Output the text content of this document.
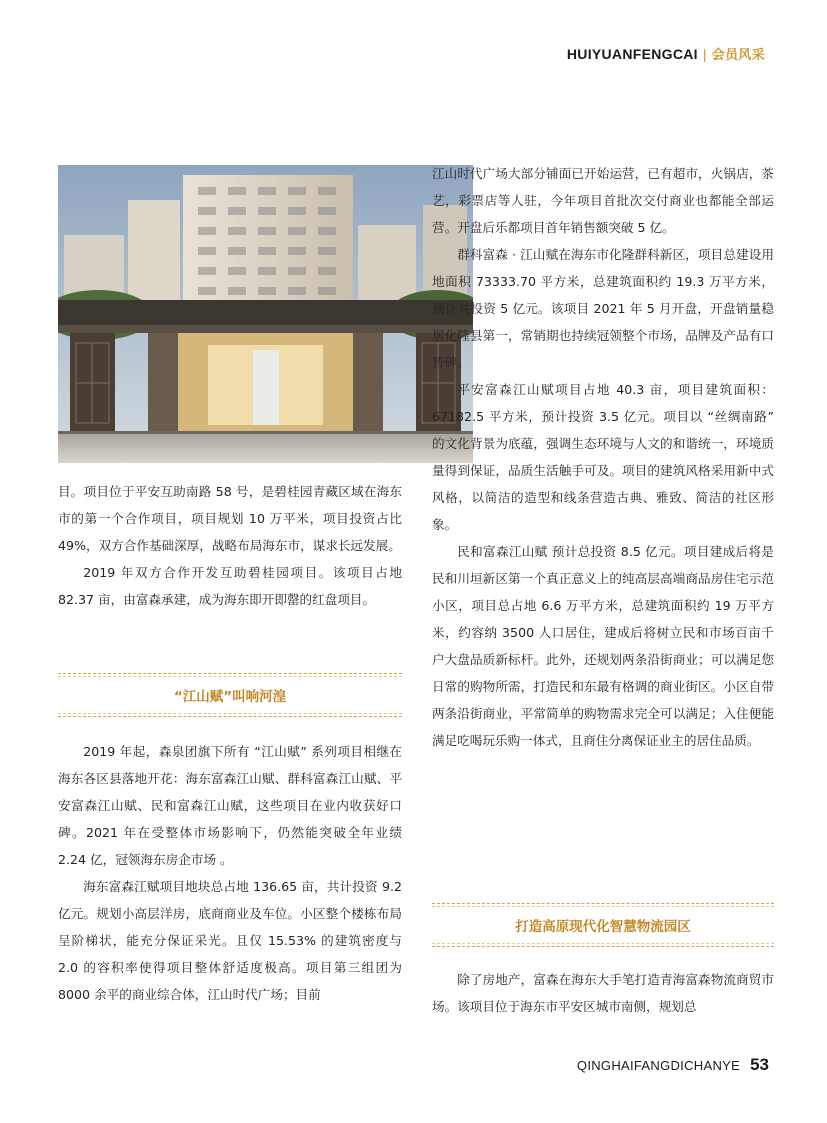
HUIYUANFENGCAI | 会员风采

目。项目位于平安互助南路 58 号，是碧桂园青藏区域在海东市的第一个合作项目，项目规划 10 万平米，项目投资占比 49%，双方合作基础深厚，战略布局海东市，谋求长远发展。

2019 年双方合作开发互助碧桂园项目。该项目占地 82.37 亩，由富森承建，成为海东即开即罄的红盘项目。

“江山赋”叫响河湟

2019 年起，森泉团旗下所有 “江山赋” 系列项目相继在海东各区县落地开花：海东富森江山赋、群科富森江山赋、平安富森江山赋、民和富森江山赋，这些项目在业内收获好口碑。2021 年在受整体市场影响下，仍然能突破全年业绩 2.24 亿，冠领海东房企市场 。

海东富森江赋项目地块总占地 136.65 亩，共计投资 9.2 亿元。规划小高层洋房，底商商业及车位。小区整个楼栋布局呈阶梯状，能充分保证采光。且仅 15.53% 的建筑密度与 2.0 的容积率使得项目整体舒适度极高。项目第三组团为 8000 余平的商业综合体，江山时代广场；目前

江山时代广场大部分铺面已开始运营，已有超市，火锅店，茶艺，彩票店等人驻，今年项目首批次交付商业也都能全部运营。开盘后乐都项目首年销售额突破 5 亿。

群科富森 · 江山赋在海东市化隆群科新区，项目总建设用地面积 73333.70 平方米，总建筑面积约 19.3 万平方米，预计共投资 5 亿元。该项目 2021 年 5 月开盘，开盘销量稳居化隆县第一，常销期也持续冠领整个市场，品牌及产品有口皆碑。

平安富森江山赋项目占地 40.3 亩，项目建筑面积：67182.5 平方米，预计投资 3.5 亿元。项目以 “丝绸南路” 的文化背景为底蕴，强调生态环境与人文的和谐统一，环境质量得到保证，品质生活触手可及。项目的建筑风格采用新中式风格，以简洁的造型和线条营造古典、雅致、简洁的社区形象。

民和富森江山赋 预计总投资 8.5 亿元。项目建成后将是民和川垣新区第一个真正意义上的纯高层高端商品房住宅示范小区，项目总占地 6.6 万平方米，总建筑面积约 19 万平方米，约容纳 3500 人口居住，建成后将树立民和市场百亩千户大盘品质新标杆。此外，还规划两条沿街商业；可以满足您日常的购物所需，打造民和东最有格调的商业街区。小区自带两条沿街商业，平常简单的购物需求完全可以满足；入住便能满足吃喝玩乐购一体式，且商住分离保证业主的居住品质。

打造高原现代化智慧物流园区

除了房地产，富森在海东大手笔打造青海富森物流商贸市场。该项目位于海东市平安区城市南侧，规划总

QINGHAIFANGDICHANYE 53
